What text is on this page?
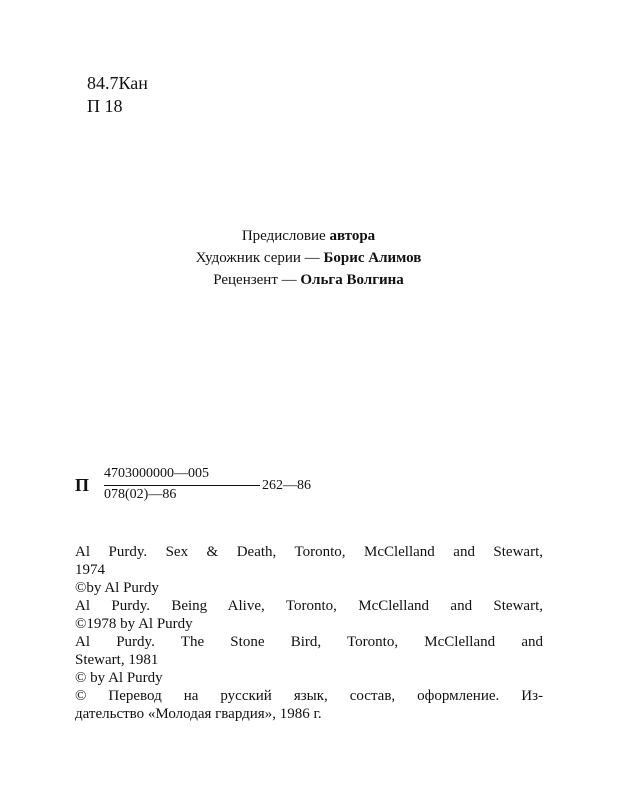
84.7Кан
П 18
Предисловие автора
Художник серии — Борис Алимов
Рецензент — Ольга Волгина
П
4703000000—005
078(02)—86
262—86
Al Purdy. Sex & Death, Toronto, McClelland and Stewart,
1974
©by Al Purdy
Al Purdy. Being Alive, Toronto, McClelland and Stewart,
©1978 by Al Purdy
Al Purdy. The Stone Bird, Toronto, McClelland and
Stewart, 1981
© by Al Purdy
© Перевод на русский язык, состав, оформление. Из-
дательство «Молодая гвардия», 1986 г.
